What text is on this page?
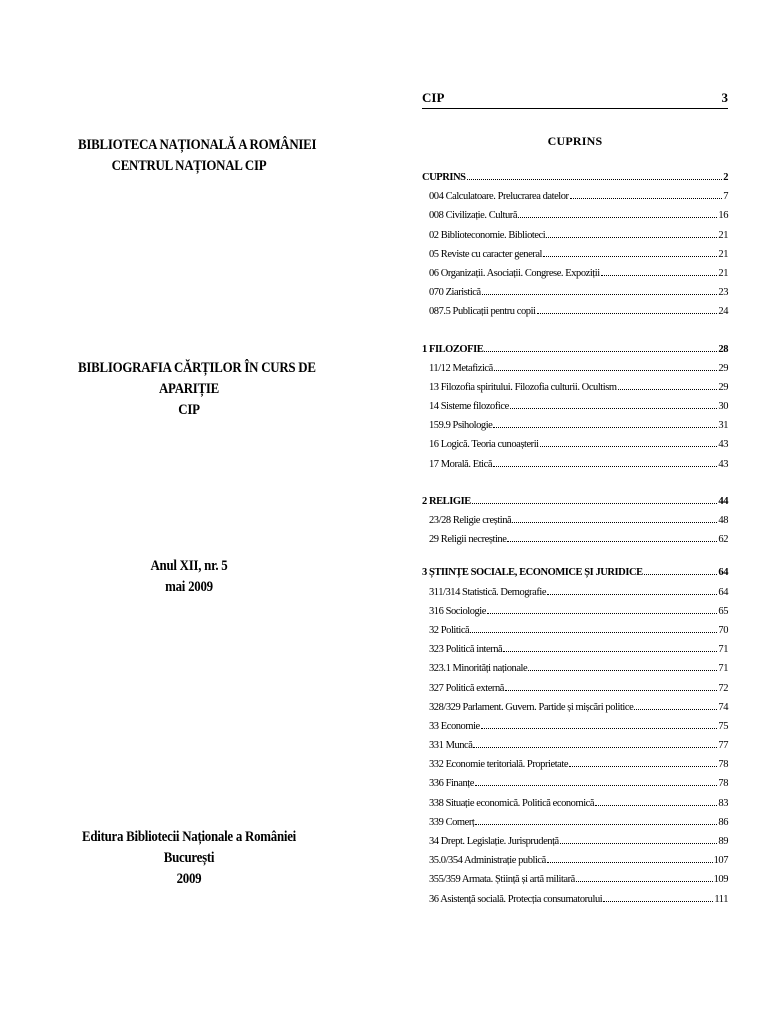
BIBLIOTECA NAȚIONALĂ A ROMÂNIEI
CENTRUL NAȚIONAL CIP
BIBLIOGRAFIA CĂRȚILOR ÎN CURS DE
APARIȚIE
CIP
Anul XII, nr. 5
mai 2009
Editura Bibliotecii Naționale a României
București
2009
CIP	3
CUPRINS
CUPRINS	2
004 Calculatoare. Prelucrarea datelor	7
008 Civilizație. Cultură	16
02 Biblioteconomie. Biblioteci	21
05 Reviste cu caracter general	21
06 Organizații. Asociații. Congrese. Expoziții	21
070 Ziaristică	23
087.5 Publicații pentru copii	24
1 FILOZOFIE	28
11/12 Metafizică	29
13 Filozofia spiritului. Filozofia culturii. Ocultism	29
14 Sisteme filozofice	30
159.9 Psihologie	31
16 Logică. Teoria cunoașterii	43
17 Morală. Etică	43
2 RELIGIE	44
23/28 Religie creștină	48
29 Religii necreștine	62
3 ȘTIINȚE SOCIALE, ECONOMICE ȘI JURIDICE	64
311/314 Statistică. Demografie	64
316 Sociologie	65
32 Politică	70
323 Politică internă	71
323.1 Minorități naționale	71
327 Politică externă	72
328/329 Parlament. Guvern. Partide și mișcări politice	74
33 Economie	75
331 Muncă	77
332 Economie teritorială. Proprietate	78
336 Finanțe	78
338 Situație economică. Politică economică	83
339 Comerț	86
34 Drept. Legislație. Jurisprudență	89
35.0/354 Administrație publică	107
355/359 Armata. Știință și artă militară	109
36 Asistență socială. Protecția consumatorului	111
